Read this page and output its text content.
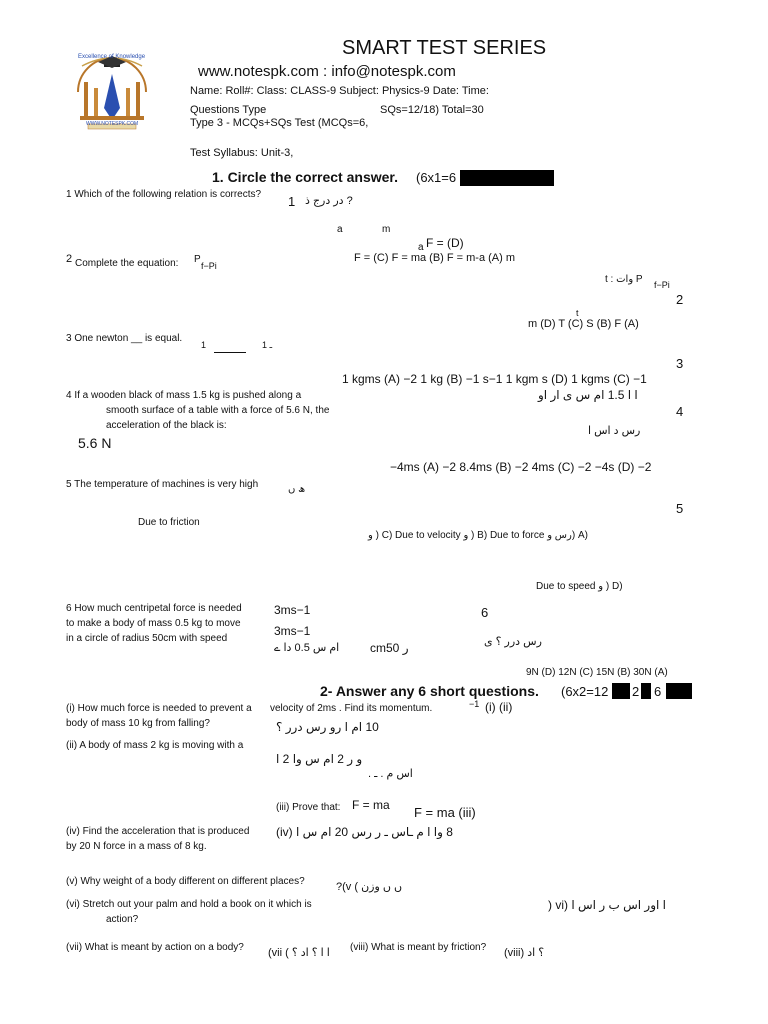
Excellence of Knowledge
WWW.NOTESPK.COM
SMART TEST SERIES
www.notespk.com : info@notespk.com
Name: Roll#: Class: CLASS-9 Subject: Physics-9 Date: Time:
Questions Type	SQs=12/18) Total=30
Type 3 - MCQs+SQs Test (MCQs=6,
Test Syllabus: Unit-3,
1. Circle the correct answer. (6x1=6
1 Which of the following relation is corrects? 1 ? در درج ذ
a	m
a F = (D)
F = (C) F = ma (B) F = m-a (A) m
2 Complete the equation: P
f−Pi
t : وات P f−Pi
2
t
m (D) T (C) S (B) F (A)
3 One newton __ is equal.
1	1 ـ
3
1 kgms (A) −2 1 kg (B) −1 s−1 1 kgm s (D) 1 kgms (C) −1
4 If a wooden black of mass 1.5 kg is pushed along a
smooth surface of a table with a force of 5.6 N, the
acceleration of the black is:
ا ا 1.5 ام س ی ار او
4
رس د اس ا
5.6 N
−4ms (A) −2 8.4ms (B) −2 4ms (C) −2 −4s (D) −2
5 The temperature of machines is very high	ھ ں
5
Due to friction
و ) C) Due to velocity و ) B) Due to force رس و) A)
Due to speed و ) D)
6 How much centripetal force is needed
to make a body of mass 0.5 kg to move
in a circle of radius 50cm with speed
3ms−1
3ms−1
ام س 0.5 دا ے	cm50 ر
6
رس درر ؟ ی
9N (D) 12N (C) 15N (B) 30N (A)
2- Answer any 6 short questions. (6x2=12 2 6
(i) How much force is needed to prevent a
body of mass 10 kg from falling?
velocity of 2ms . Find its momentum.	−1 (i) (ii)
10 ام ا رو رس درر ؟
(ii) A body of mass 2 kg is moving with a
و ر 2 ام س وا 2 ا
اس م . ـ .
(iii) Prove that: F = ma F = ma (iii)
(iv) Find the acceleration that is produced
by 20 N force in a mass of 8 kg.
8 وا ا م ـاس ـ ر رس 20 ام س ا (iv)
(v) Why weight of a body different on different places?	?(v ( ں ں وزن
(vi) Stretch out your palm and hold a book on it which is
action?
ا اور اس ب ر اس ا (vi (
(vii) What is meant by action on a body? ا ا ؟ اد ؟ ) vii) (viii) What is meant by friction? ؟ اد (viii)
